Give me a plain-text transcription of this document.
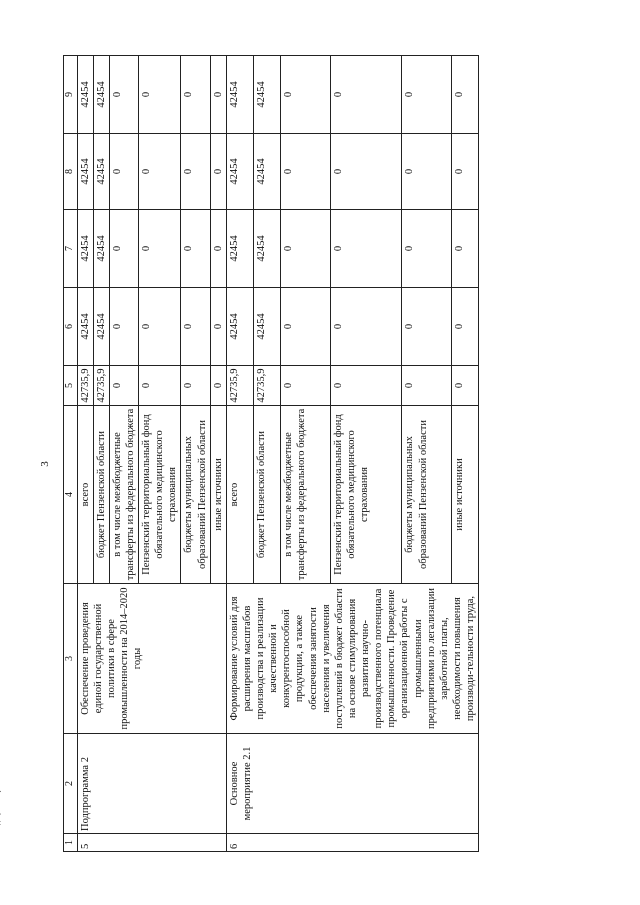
3
1	2	3	4	5	6	7	8	9
5	Подпрограмма 2	Обеспечение проведения единой государственной политики в сфере промышленности на 2014–2020 годы	всего	42735,9	42454	42454	42454	42454
			бюджет Пензенской области	42735,9	42454	42454	42454	42454
			в том числе межбюджетные трансферты из федерального бюджета	0	0	0	0	0
			Пензенский территориальный фонд обязательного медицинского страхования	0	0	0	0	0
			бюджеты муниципальных образований Пензенской области	0	0	0	0	0
			иные источники	0	0	0	0	0
6	Основное мероприятие 2.1	Формирование условий для расширения масштабов производства и реализации качественной и конкурентоспособной продукции, а также обеспечения занятости населения и увеличения поступлений в бюджет области на основе стимулирования развития научно-производственного потенциала промышленности. Проведение организационной работы с промышленными предприятиями по легализации заработной платы, необходимости повышения производи-тельности труда,	всего	42735,9	42454	42454	42454	42454
			бюджет Пензенской области	42735,9	42454	42454	42454	42454
			в том числе межбюджетные трансферты из федерального бюджета	0	0	0	0	0
			Пензенский территориальный фонд обязательного медицинского страхования	0	0	0	0	0
			бюджеты муниципальных образований Пензенской области	0	0	0	0	0
			иные источники	0	0	0	0	0
